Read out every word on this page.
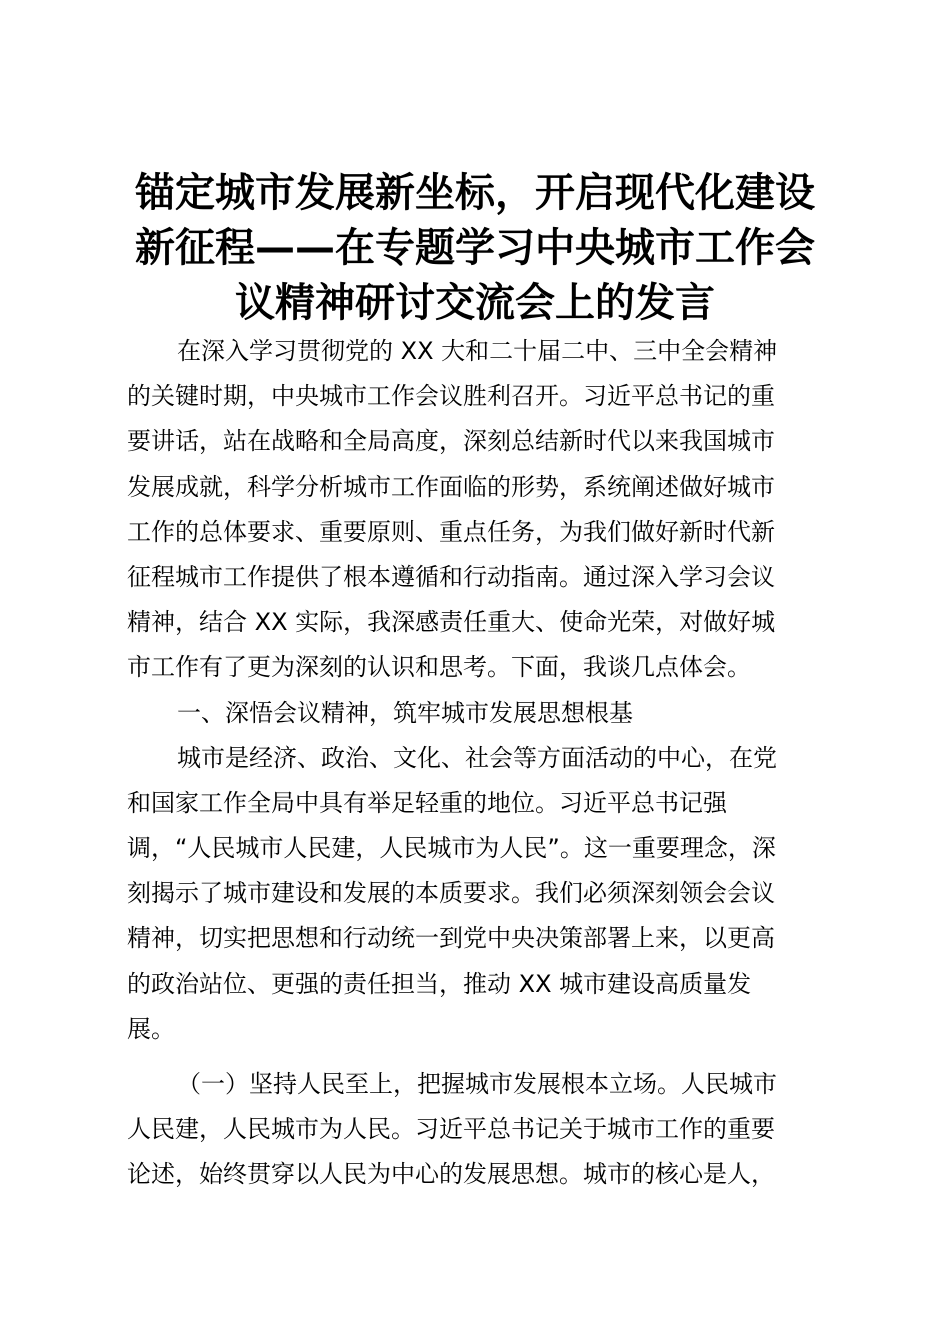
锚定城市发展新坐标，开启现代化建设
新征程——在专题学习中央城市工作会
议精神研讨交流会上的发言
在深入学习贯彻党的 XX 大和二十届二中、三中全会精神
的关键时期，中央城市工作会议胜利召开。习近平总书记的重
要讲话，站在战略和全局高度，深刻总结新时代以来我国城市
发展成就，科学分析城市工作面临的形势，系统阐述做好城市
工作的总体要求、重要原则、重点任务，为我们做好新时代新
征程城市工作提供了根本遵循和行动指南。通过深入学习会议
精神，结合 XX 实际，我深感责任重大、使命光荣，对做好城
市工作有了更为深刻的认识和思考。下面，我谈几点体会。
一、深悟会议精神，筑牢城市发展思想根基
城市是经济、政治、文化、社会等方面活动的中心，在党
和国家工作全局中具有举足轻重的地位。习近平总书记强
调，“人民城市人民建，人民城市为人民”。这一重要理念，深
刻揭示了城市建设和发展的本质要求。我们必须深刻领会会议
精神，切实把思想和行动统一到党中央决策部署上来，以更高
的政治站位、更强的责任担当，推动 XX 城市建设高质量发
展。
（一）坚持人民至上，把握城市发展根本立场。人民城市
人民建，人民城市为人民。习近平总书记关于城市工作的重要
论述，始终贯穿以人民为中心的发展思想。城市的核心是人，
